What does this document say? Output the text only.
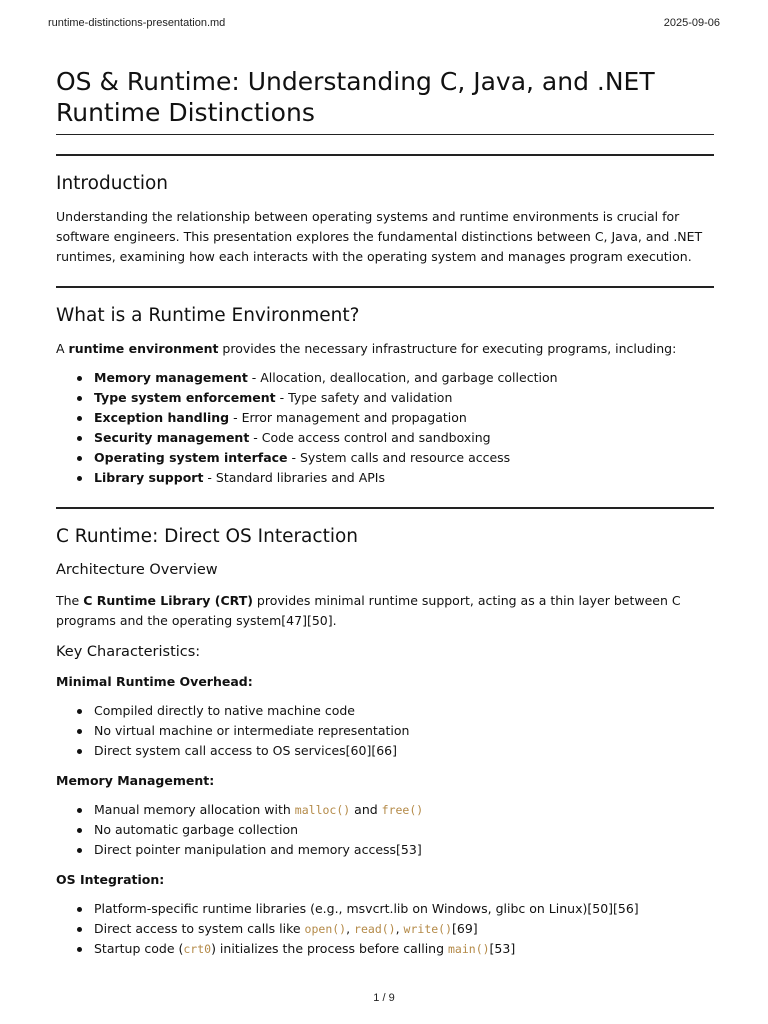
runtime-distinctions-presentation.md	2025-09-06
OS & Runtime: Understanding C, Java, and .NET Runtime Distinctions
Introduction

Understanding the relationship between operating systems and runtime environments is crucial for software engineers. This presentation explores the fundamental distinctions between C, Java, and .NET runtimes, examining how each interacts with the operating system and manages program execution.

What is a Runtime Environment?

A runtime environment provides the necessary infrastructure for executing programs, including:

Memory management - Allocation, deallocation, and garbage collection
Type system enforcement - Type safety and validation
Exception handling - Error management and propagation
Security management - Code access control and sandboxing
Operating system interface - System calls and resource access
Library support - Standard libraries and APIs
C Runtime: Direct OS Interaction
Architecture Overview

The C Runtime Library (CRT) provides minimal runtime support, acting as a thin layer between C programs and the operating system[47][50].

Key Characteristics:

Minimal Runtime Overhead:

Compiled directly to native machine code
No virtual machine or intermediate representation
Direct system call access to OS services[60][66]

Memory Management:

Manual memory allocation with malloc() and free()
No automatic garbage collection
Direct pointer manipulation and memory access[53]

OS Integration:

Platform-specific runtime libraries (e.g., msvcrt.lib on Windows, glibc on Linux)[50][56]
Direct access to system calls like open(), read(), write()[69]
Startup code (crt0) initializes the process before calling main()[53]
1 / 9
